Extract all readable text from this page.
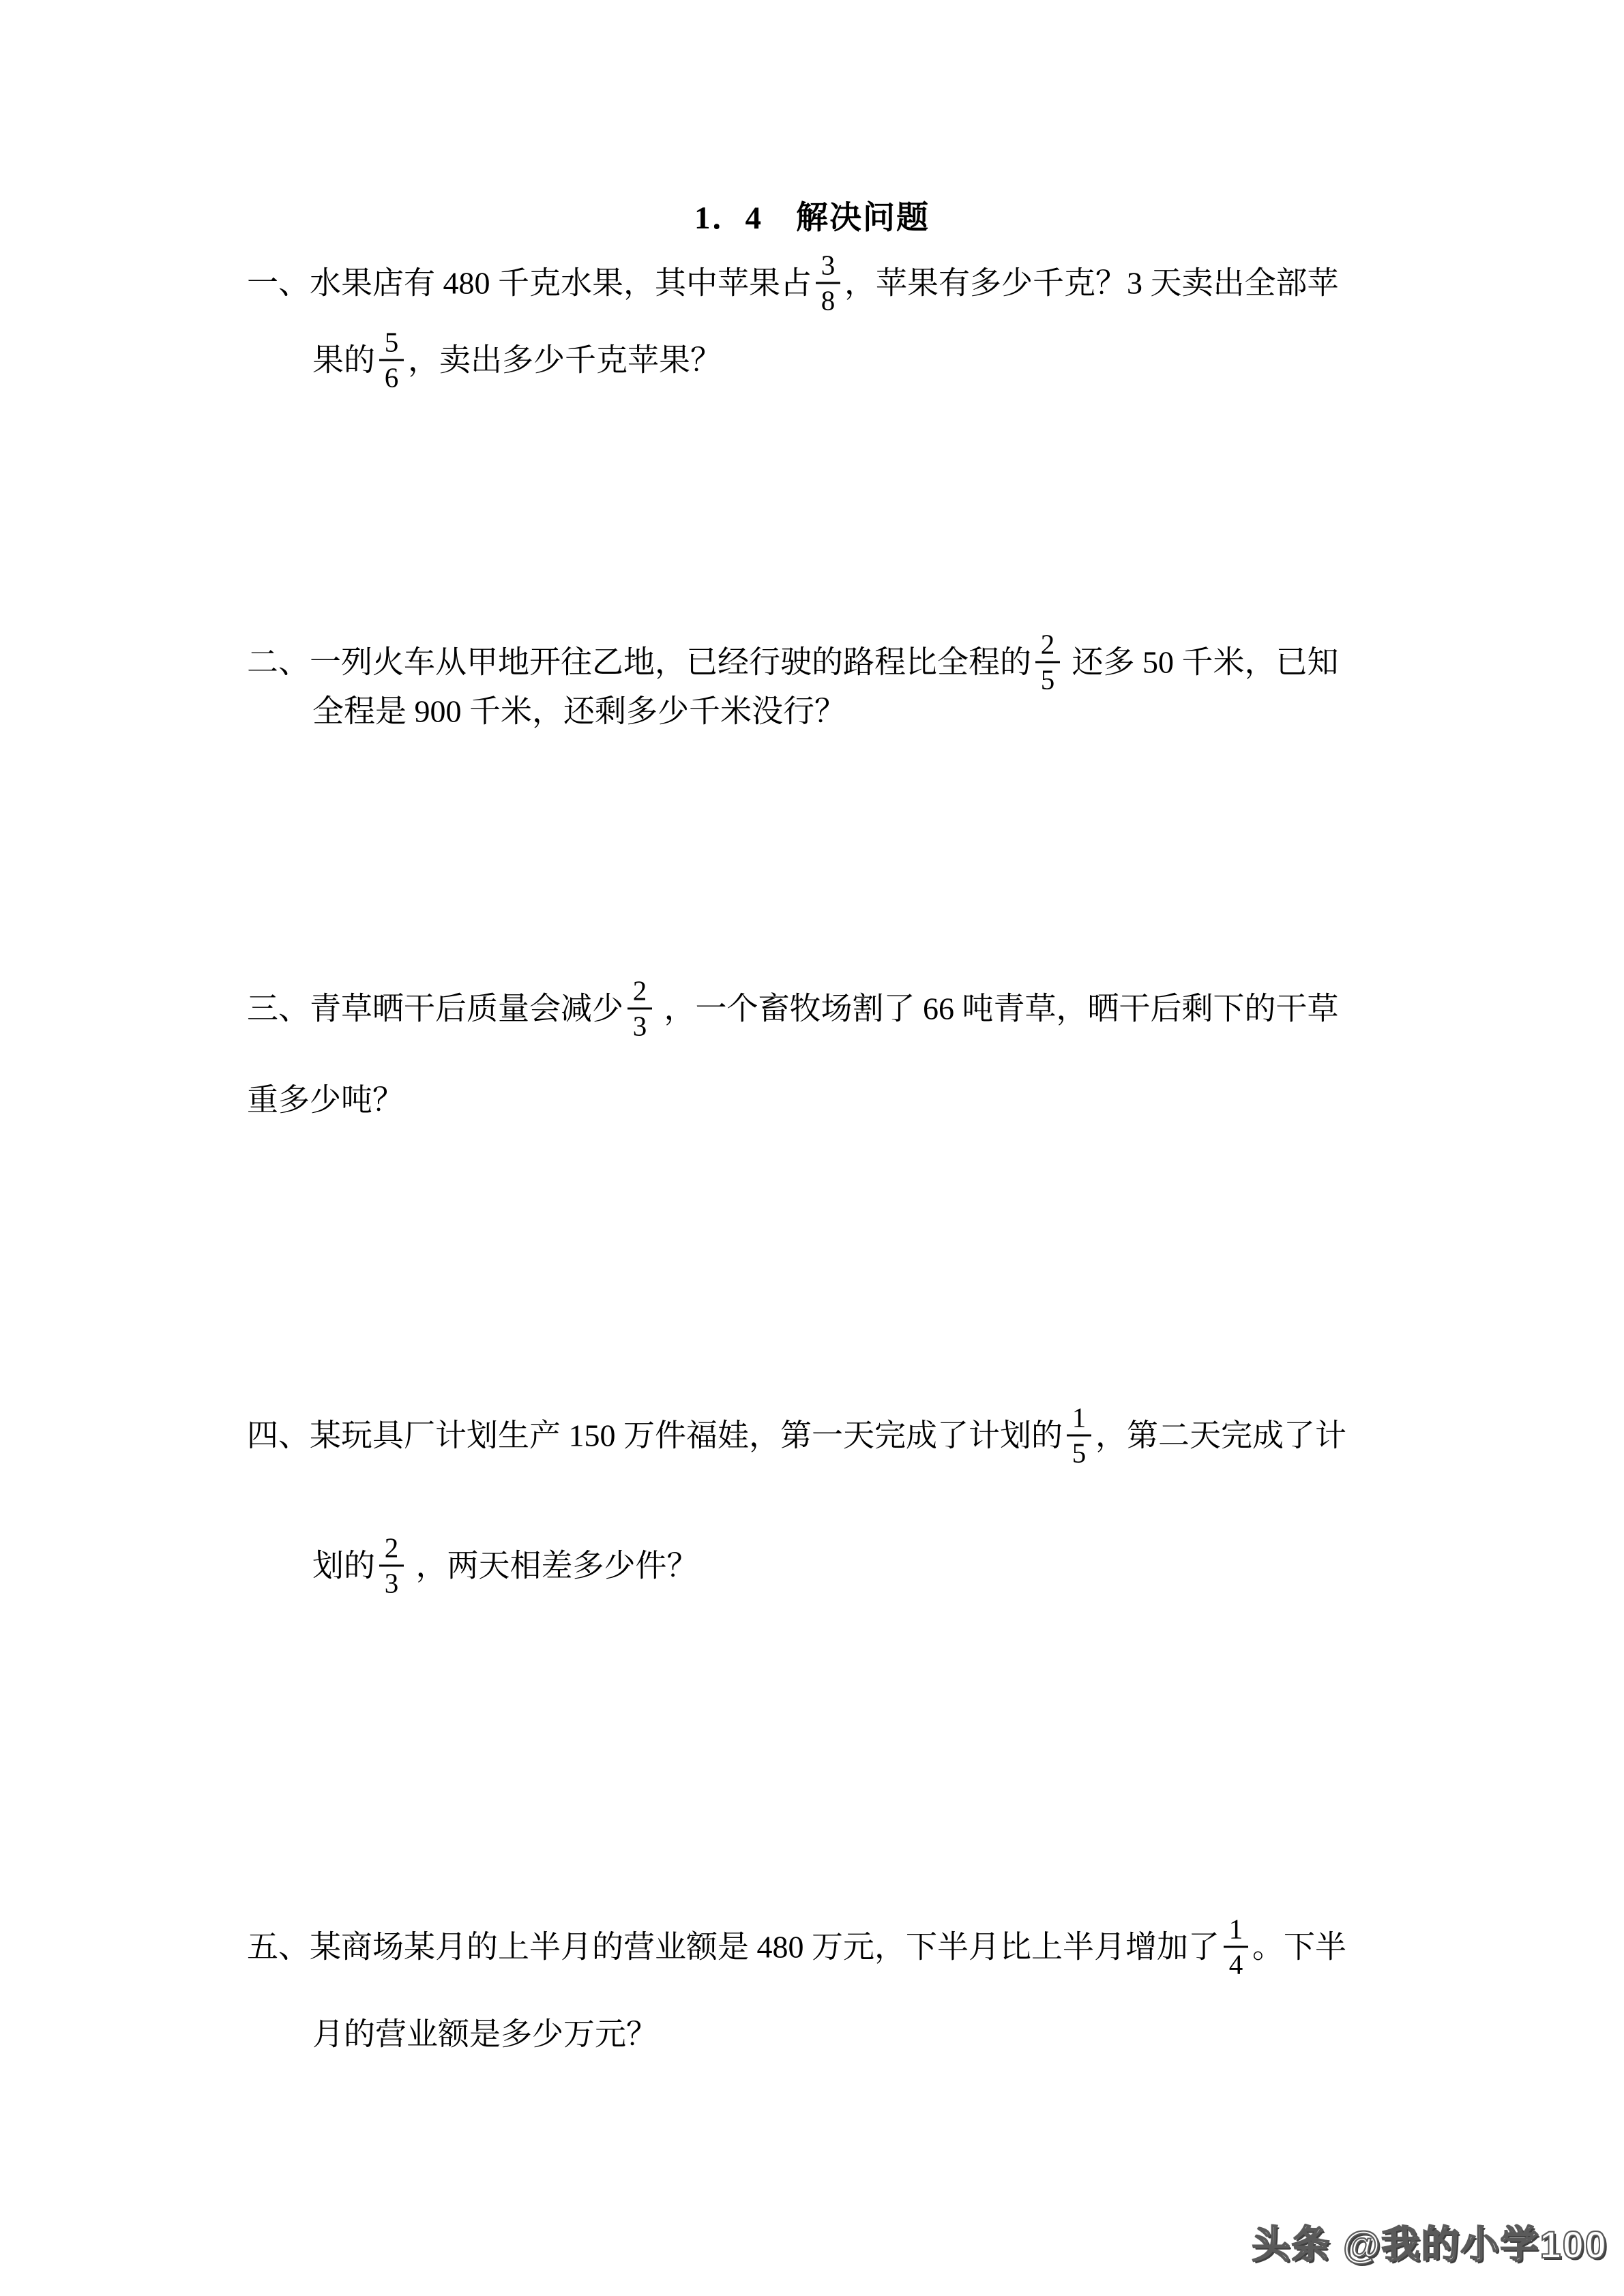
1．4　解决问题
一、 水果店有 480 千克水果，其中苹果占 $\frac{3}{8}$ ，苹果有多少千克？3 天卖出全部苹
果的 $\frac{5}{6}$ ，卖出多少千克苹果？
二、 一列火车从甲地开往乙地，已经行驶的路程比全程的 $\frac{2}{5}$ 还多 50 千米，已知
全程是 900 千米，还剩多少千米没行？
三、 青草晒干后质量会减少 $\frac{2}{3}$ ，一个畜牧场割了 66 吨青草，晒干后剩下的干草
重多少吨？
四、 某玩具厂计划生产 150 万件福娃，第一天完成了计划的 $\frac{1}{5}$ ，第二天完成了计
划的 $\frac{2}{3}$ ，两天相差多少件？
五、 某商场某月的上半月的营业额是 480 万元，下半月比上半月增加了 $\frac{1}{4}$ 。下半
月的营业额是多少万元？
头条 @我的小学100
